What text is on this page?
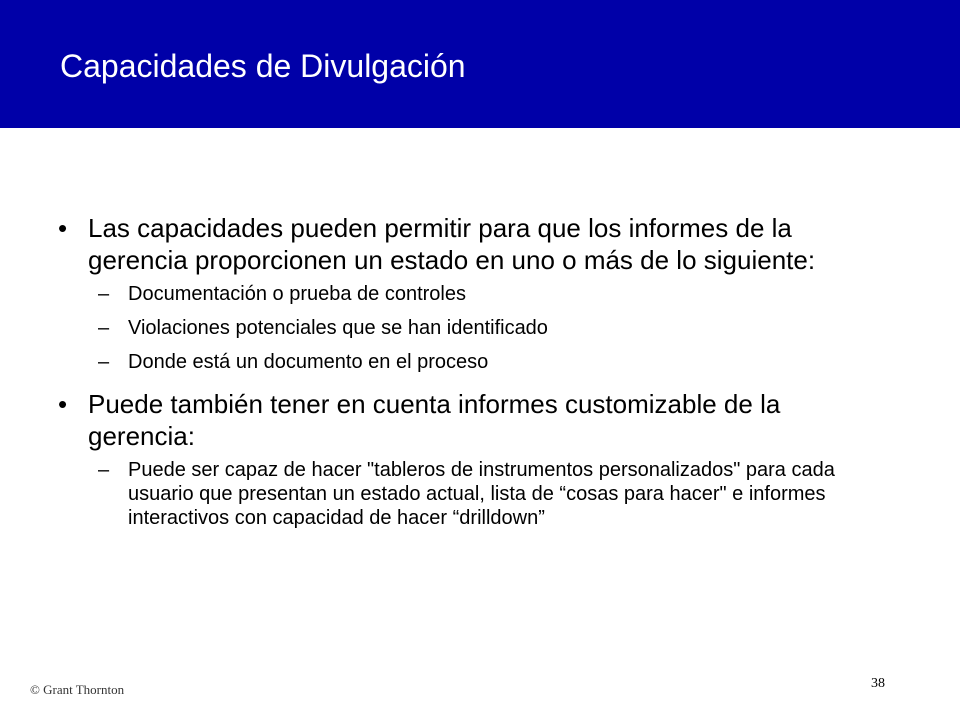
Capacidades de Divulgación
• Las capacidades pueden permitir para que los informes de la gerencia proporcionen un estado en uno o más de lo siguiente:
– Documentación o prueba de controles
– Violaciones potenciales que se han identificado
– Donde está un documento en el proceso
• Puede también tener en cuenta informes customizable de la gerencia:
– Puede ser capaz de hacer "tableros de instrumentos personalizados" para cada usuario que presentan un estado actual, lista de “cosas para hacer" e informes interactivos con capacidad de hacer “drilldown”
© Grant Thornton	38
